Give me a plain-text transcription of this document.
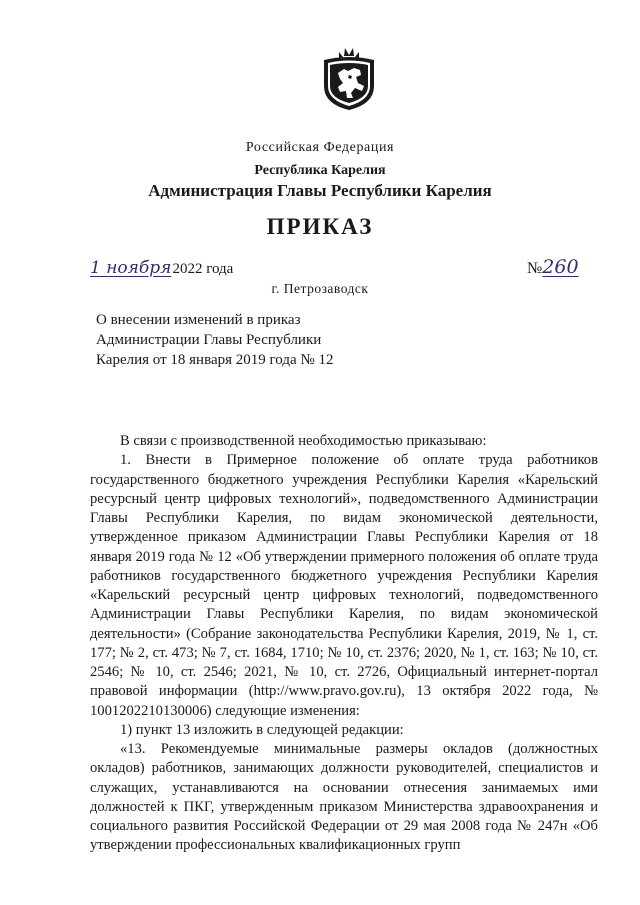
Российская Федерация
Республика Карелия
Администрация Главы Республики Карелия
ПРИКАЗ
1 ноября2022 года	№260
г. Петрозаводск
О внесении изменений в приказ
Администрации Главы Республики
Карелия от 18 января 2019 года № 12

В связи с производственной необходимостью приказываю:

1. Внести в Примерное положение об оплате труда работников государственного бюджетного учреждения Республики Карелия «Карельский ресурсный центр цифровых технологий», подведомственного Администрации Главы Республики Карелия, по видам экономической деятельности, утвержденное приказом Администрации Главы Республики Карелия от 18 января 2019 года № 12 «Об утверждении примерного положения об оплате труда работников государственного бюджетного учреждения Республики Карелия «Карельский ресурсный центр цифровых технологий, подведомственного Администрации Главы Республики Карелия, по видам экономической деятельности» (Собрание законодательства Республики Карелия, 2019, № 1, ст. 177; № 2, ст. 473; № 7, ст. 1684, 1710; № 10, ст. 2376; 2020, № 1, ст. 163; № 10, ст. 2546; № 10, ст. 2546; 2021, № 10, ст. 2726, Официальный интернет-портал правовой информации (http://www.pravo.gov.ru), 13 октября 2022 года, № 1001202210130006) следующие изменения:

1) пункт 13 изложить в следующей редакции:

«13. Рекомендуемые минимальные размеры окладов (должностных окладов) работников, занимающих должности руководителей, специалистов и служащих, устанавливаются на основании отнесения занимаемых ими должностей к ПКГ, утвержденным приказом Министерства здравоохранения и социального развития Российской Федерации от 29 мая 2008 года № 247н «Об утверждении профессиональных квалификационных групп
